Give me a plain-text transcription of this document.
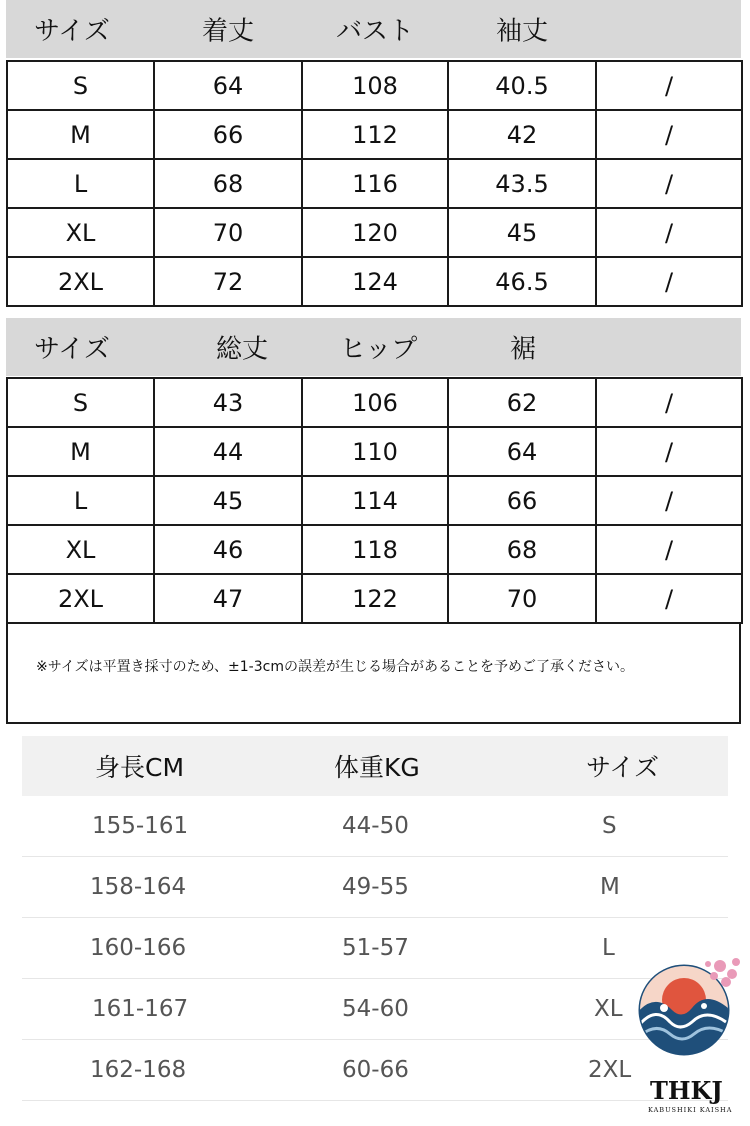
サイズ	着丈	バスト	袖丈
S	64	108	40.5	/
M	66	112	42	/
L	68	116	43.5	/
XL	70	120	45	/
2XL	72	124	46.5	/
サイズ	総丈	ヒップ	裾
S	43	106	62	/
M	44	110	64	/
L	45	114	66	/
XL	46	118	68	/
2XL	47	122	70	/
※サイズは平置き採寸のため、±1-3cmの誤差が生じる場合があることを予めご了承ください。
身長CM	体重KG	サイズ
155-161	44-50	S
158-164	49-55	M
160-166	51-57	L
161-167	54-60	XL
162-168	60-66	2XL
THKJ
KABUSHIKI KAISHA
